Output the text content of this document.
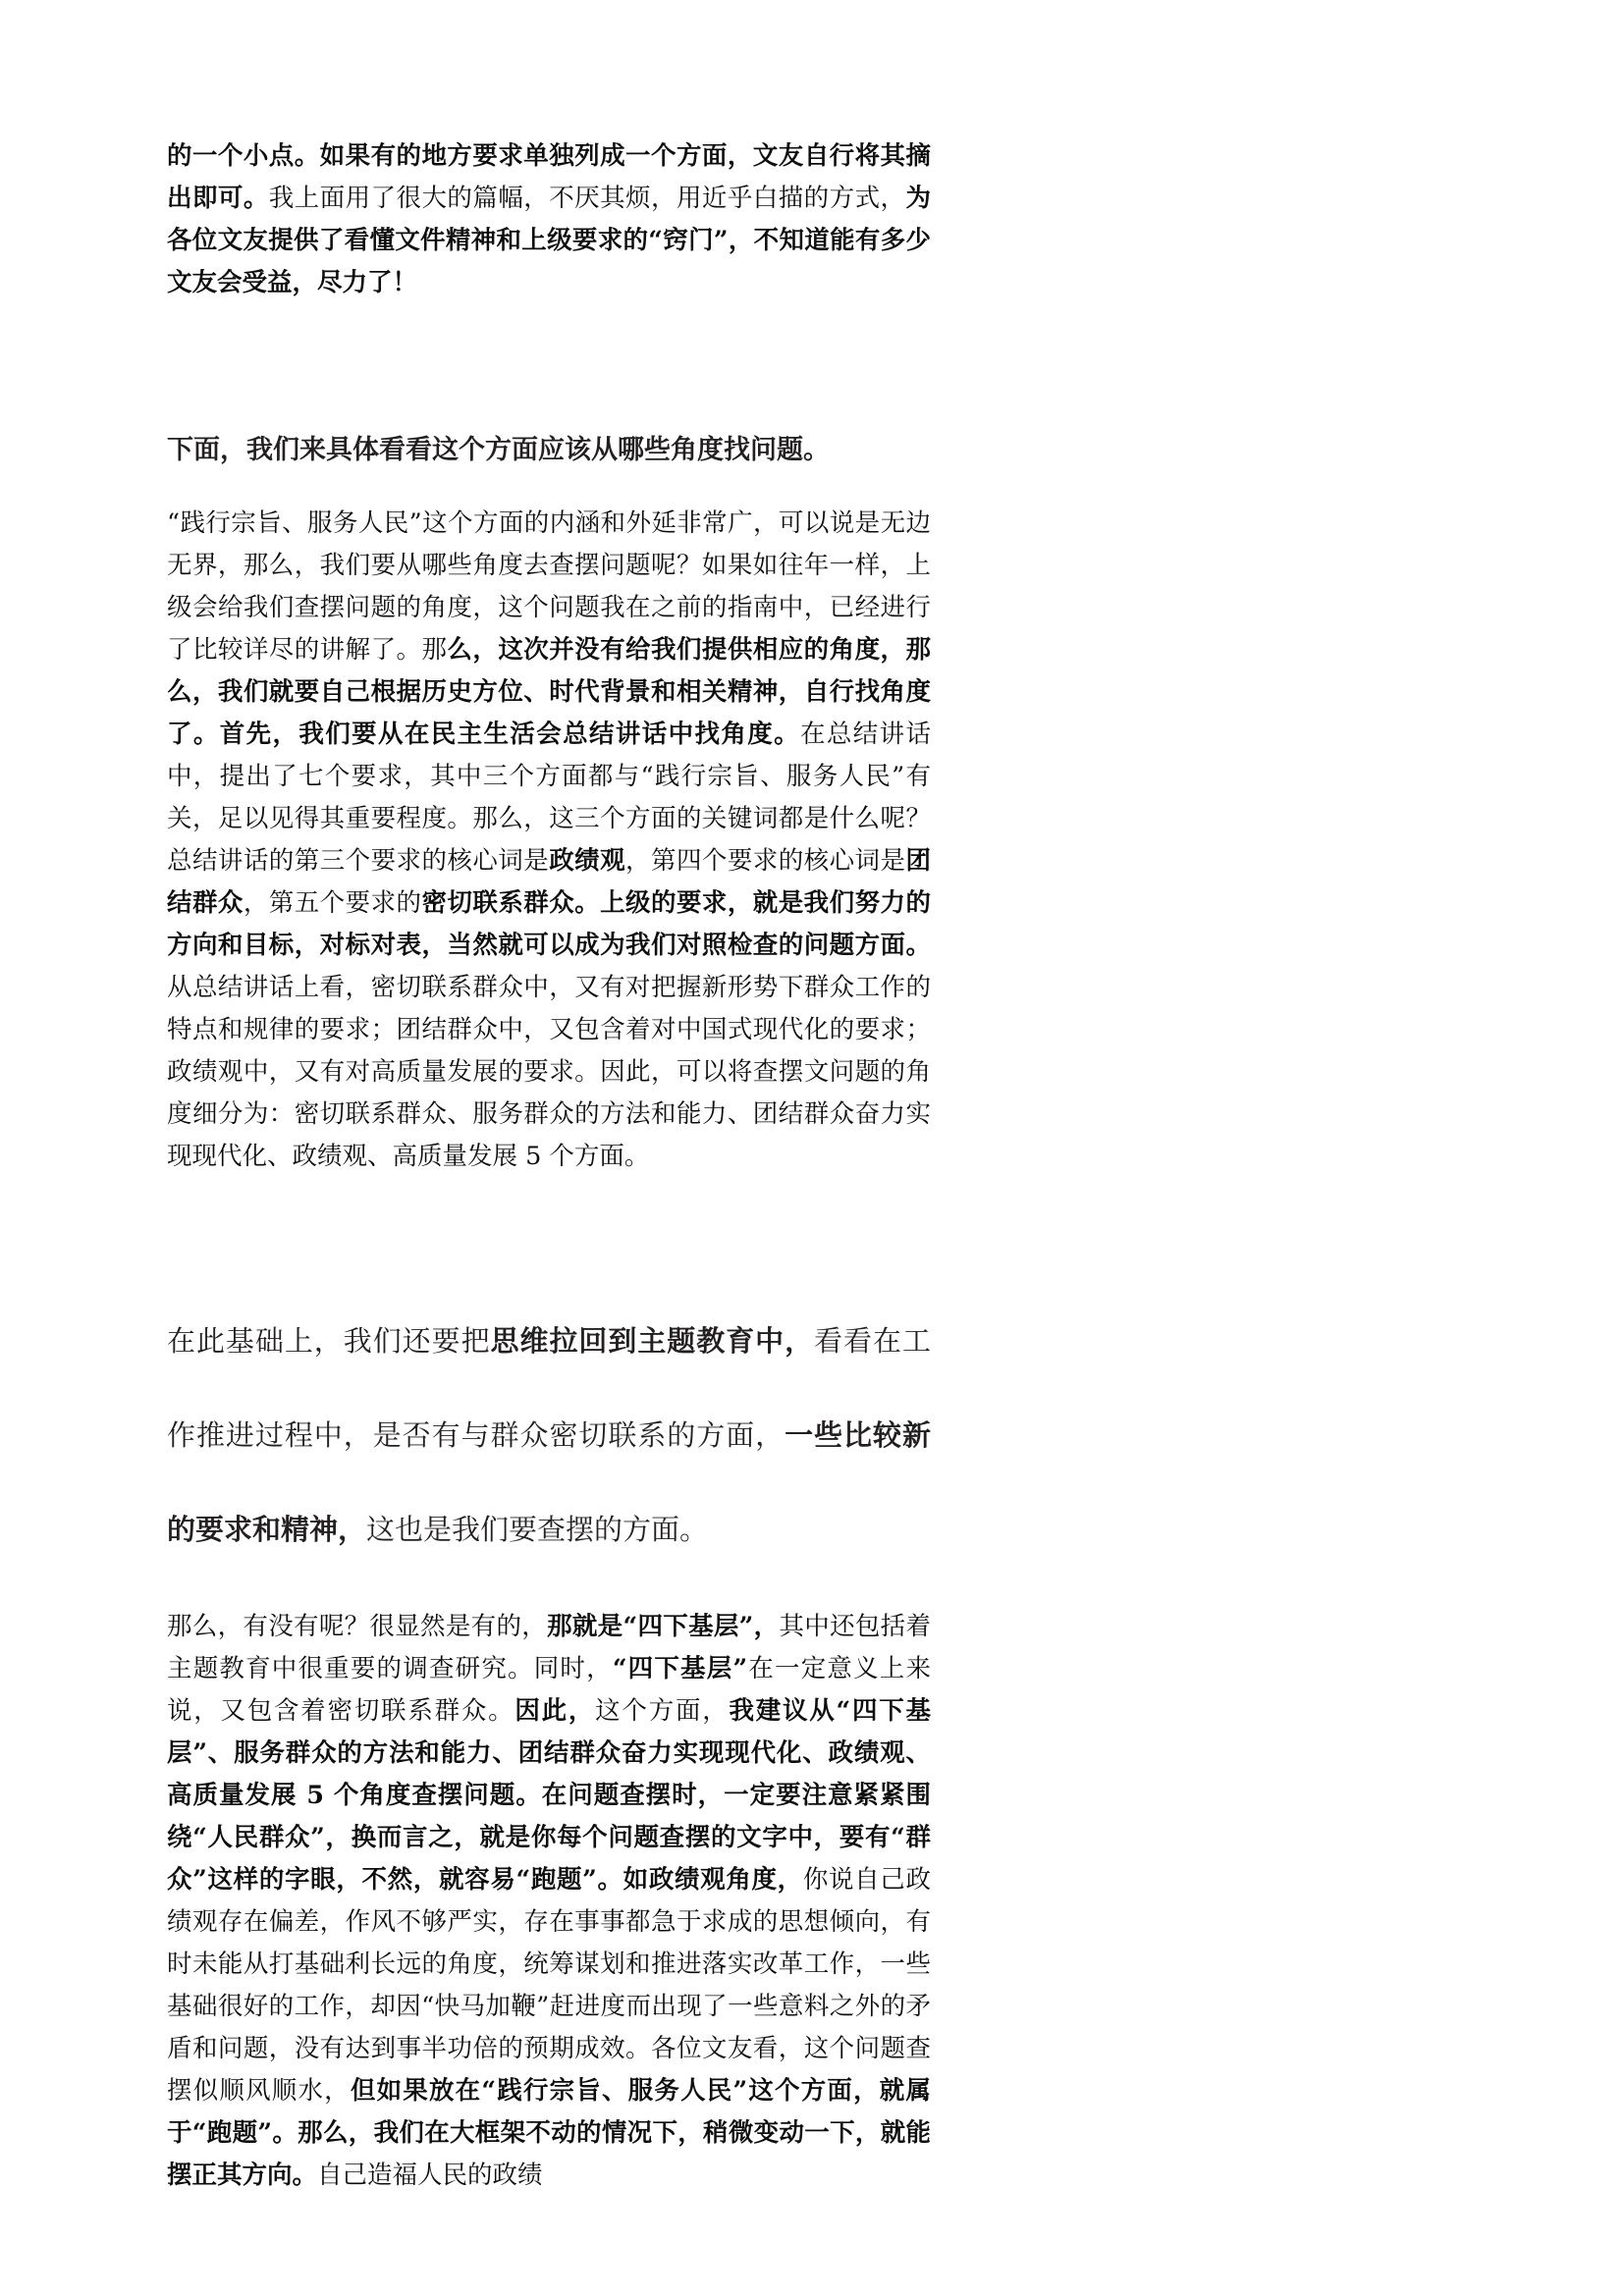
的一个小点。如果有的地方要求单独列成一个方面，文友自行将其摘出即可。我上面用了很大的篇幅，不厌其烦，用近乎白描的方式，为各位文友提供了看懂文件精神和上级要求的“窍门”，不知道能有多少文友会受益，尽力了！

下面，我们来具体看看这个方面应该从哪些角度找问题。

“践行宗旨、服务人民”这个方面的内涵和外延非常广，可以说是无边无界，那么，我们要从哪些角度去查摆问题呢？如果如往年一样，上级会给我们查摆问题的角度，这个问题我在之前的指南中，已经进行了比较详尽的讲解了。那么，这次并没有给我们提供相应的角度，那么，我们就要自己根据历史方位、时代背景和相关精神，自行找角度了。首先，我们要从在民主生活会总结讲话中找角度。在总结讲话中，提出了七个要求，其中三个方面都与“践行宗旨、服务人民”有关，足以见得其重要程度。那么，这三个方面的关键词都是什么呢？总结讲话的第三个要求的核心词是政绩观，第四个要求的核心词是团结群众，第五个要求的密切联系群众。上级的要求，就是我们努力的方向和目标，对标对表，当然就可以成为我们对照检查的问题方面。从总结讲话上看，密切联系群众中，又有对把握新形势下群众工作的特点和规律的要求；团结群众中，又包含着对中国式现代化的要求；政绩观中，又有对高质量发展的要求。因此，可以将查摆文问题的角度细分为：密切联系群众、服务群众的方法和能力、团结群众奋力实现现代化、政绩观、高质量发展 5 个方面。

在此基础上，我们还要把思维拉回到主题教育中，看看在工作推进过程中，是否有与群众密切联系的方面，一些比较新的要求和精神，这也是我们要查摆的方面。

那么，有没有呢？很显然是有的，那就是“四下基层”，其中还包括着主题教育中很重要的调查研究。同时，“四下基层”在一定意义上来说，又包含着密切联系群众。因此，这个方面，我建议从“四下基层”、服务群众的方法和能力、团结群众奋力实现现代化、政绩观、高质量发展 5 个角度查摆问题。在问题查摆时，一定要注意紧紧围绕“人民群众”，换而言之，就是你每个问题查摆的文字中，要有“群众”这样的字眼，不然，就容易“跑题”。如政绩观角度，你说自己政绩观存在偏差，作风不够严实，存在事事都急于求成的思想倾向，有时未能从打基础利长远的角度，统筹谋划和推进落实改革工作，一些基础很好的工作，却因“快马加鞭”赶进度而出现了一些意料之外的矛盾和问题，没有达到事半功倍的预期成效。各位文友看，这个问题查摆似顺风顺水，但如果放在“践行宗旨、服务人民”这个方面，就属于“跑题”。那么，我们在大框架不动的情况下，稍微变动一下，就能摆正其方向。自己造福人民的政绩
